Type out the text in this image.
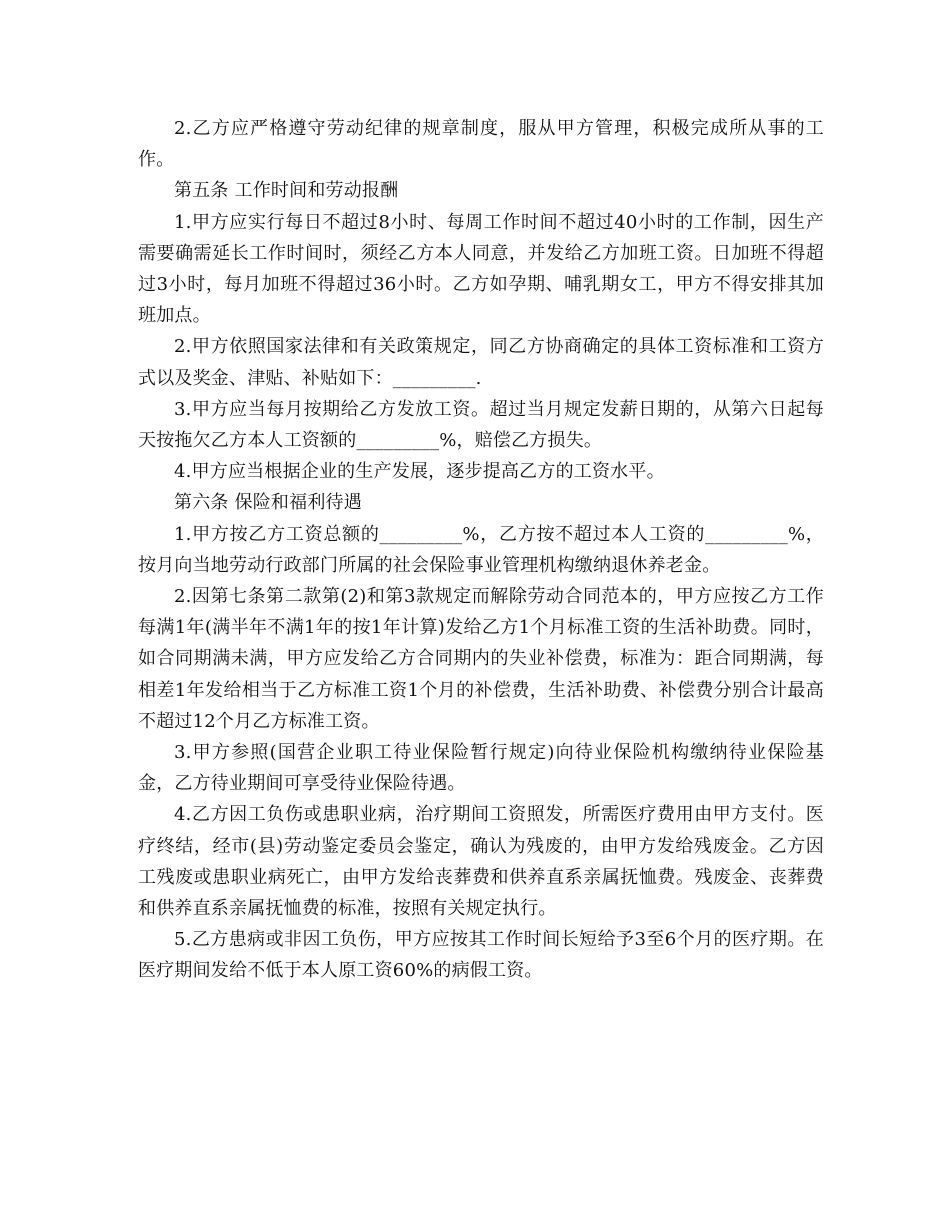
2.乙方应严格遵守劳动纪律的规章制度，服从甲方管理，积极完成所从事的工作。

第五条 工作时间和劳动报酬

1.甲方应实行每日不超过8小时、每周工作时间不超过40小时的工作制，因生产需要确需延长工作时间时，须经乙方本人同意，并发给乙方加班工资。日加班不得超过3小时，每月加班不得超过36小时。乙方如孕期、哺乳期女工，甲方不得安排其加班加点。

2.甲方依照国家法律和有关政策规定，同乙方协商确定的具体工资标准和工资方式以及奖金、津贴、补贴如下：_________.

3.甲方应当每月按期给乙方发放工资。超过当月规定发薪日期的，从第六日起每天按拖欠乙方本人工资额的_________%，赔偿乙方损失。

4.甲方应当根据企业的生产发展，逐步提高乙方的工资水平。

第六条 保险和福利待遇

1.甲方按乙方工资总额的_________%，乙方按不超过本人工资的_________%，按月向当地劳动行政部门所属的社会保险事业管理机构缴纳退休养老金。

2.因第七条第二款第(2)和第3款规定而解除劳动合同范本的，甲方应按乙方工作每满1年(满半年不满1年的按1年计算)发给乙方1个月标准工资的生活补助费。同时，如合同期满未满，甲方应发给乙方合同期内的失业补偿费，标准为：距合同期满，每相差1年发给相当于乙方标准工资1个月的补偿费，生活补助费、补偿费分别合计最高不超过12个月乙方标准工资。

3.甲方参照(国营企业职工待业保险暂行规定)向待业保险机构缴纳待业保险基金，乙方待业期间可享受待业保险待遇。

4.乙方因工负伤或患职业病，治疗期间工资照发，所需医疗费用由甲方支付。医疗终结，经市(县)劳动鉴定委员会鉴定，确认为残废的，由甲方发给残废金。乙方因工残废或患职业病死亡，由甲方发给丧葬费和供养直系亲属抚恤费。残废金、丧葬费和供养直系亲属抚恤费的标准，按照有关规定执行。

5.乙方患病或非因工负伤，甲方应按其工作时间长短给予3至6个月的医疗期。在医疗期间发给不低于本人原工资60%的病假工资。
